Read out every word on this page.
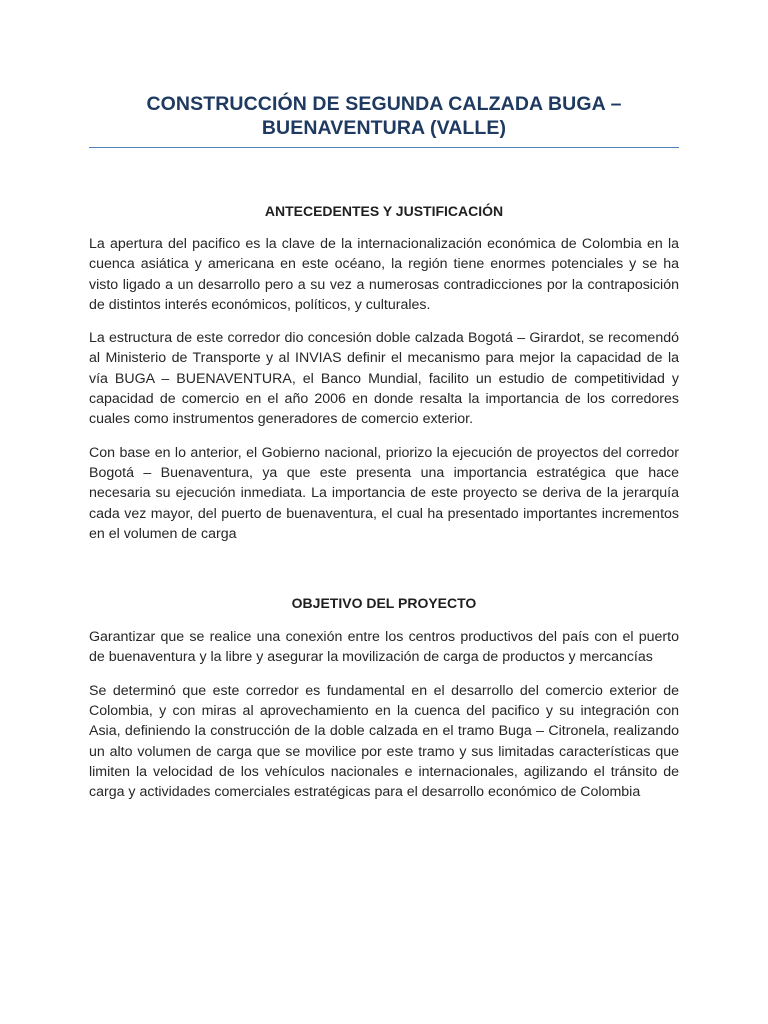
CONSTRUCCIÓN DE SEGUNDA CALZADA BUGA –
BUENAVENTURA (VALLE)
ANTECEDENTES Y JUSTIFICACIÓN

La apertura del pacifico es la clave de la internacionalización económica de Colombia en la cuenca asiática y americana en este océano, la región tiene enormes potenciales y se ha visto ligado a un desarrollo pero a su vez a numerosas contradicciones por la contraposición de distintos interés económicos, políticos, y culturales.

La estructura de este corredor dio concesión doble calzada Bogotá – Girardot, se recomendó al Ministerio de Transporte y al INVIAS definir el mecanismo para mejor la capacidad de la vía BUGA – BUENAVENTURA, el Banco Mundial, facilito un estudio de competitividad y capacidad de comercio en el año 2006 en donde resalta la importancia de los corredores cuales como instrumentos generadores de comercio exterior.

Con base en lo anterior, el Gobierno nacional, priorizo la ejecución de proyectos del corredor Bogotá – Buenaventura, ya que este presenta una importancia estratégica que hace necesaria su ejecución inmediata. La importancia de este proyecto se deriva de la jerarquía cada vez mayor, del puerto de buenaventura, el cual ha presentado importantes incrementos en el volumen de carga

OBJETIVO DEL PROYECTO

Garantizar que se realice una conexión entre los centros productivos del país con el puerto de buenaventura y la libre y asegurar la movilización de carga de productos y mercancías

Se determinó que este corredor es fundamental en el desarrollo del comercio exterior de Colombia, y con miras al aprovechamiento en la cuenca del pacifico y su integración con Asia, definiendo la construcción de la doble calzada en el tramo Buga – Citronela, realizando un alto volumen de carga que se movilice por este tramo y sus limitadas características que limiten la velocidad de los vehículos nacionales e internacionales, agilizando el tránsito de carga y actividades comerciales estratégicas para el desarrollo económico de Colombia
